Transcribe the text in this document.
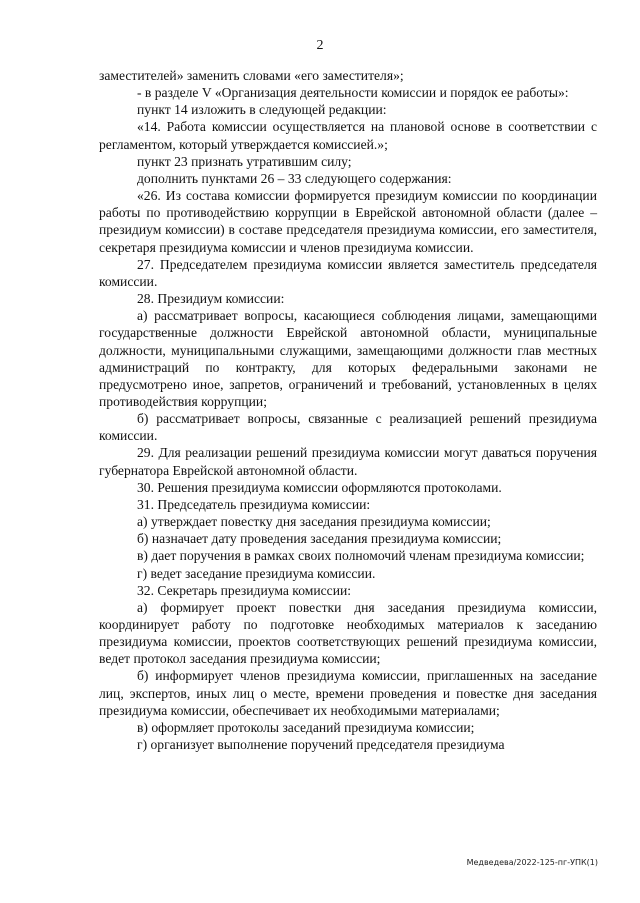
2

заместителей» заменить словами «его заместителя»;

- в разделе V «Организация деятельности комиссии и порядок ее работы»:

пункт 14 изложить в следующей редакции:

«14. Работа комиссии осуществляется на плановой основе в соответствии с регламентом, который утверждается комиссией.»;

пункт 23 признать утратившим силу;

дополнить пунктами 26 – 33 следующего содержания:

«26. Из состава комиссии формируется президиум комиссии по координации работы по противодействию коррупции в Еврейской автономной области (далее – президиум комиссии) в составе председателя президиума комиссии, его заместителя, секретаря президиума комиссии и членов президиума комиссии.

27. Председателем президиума комиссии является заместитель председателя комиссии.

28. Президиум комиссии:

а) рассматривает вопросы, касающиеся соблюдения лицами, замещающими государственные должности Еврейской автономной области, муниципальные должности, муниципальными служащими, замещающими должности глав местных администраций по контракту, для которых федеральными законами не предусмотрено иное, запретов, ограничений и требований, установленных в целях противодействия коррупции;

б) рассматривает вопросы, связанные с реализацией решений президиума комиссии.

29. Для реализации решений президиума комиссии могут даваться поручения губернатора Еврейской автономной области.

30. Решения президиума комиссии оформляются протоколами.

31. Председатель президиума комиссии:

а) утверждает повестку дня заседания президиума комиссии;

б) назначает дату проведения заседания президиума комиссии;

в) дает поручения в рамках своих полномочий членам президиума комиссии;

г) ведет заседание президиума комиссии.

32. Секретарь президиума комиссии:

а) формирует проект повестки дня заседания президиума комиссии, координирует работу по подготовке необходимых материалов к заседанию президиума комиссии, проектов соответствующих решений президиума комиссии, ведет протокол заседания президиума комиссии;

б) информирует членов президиума комиссии, приглашенных на заседание лиц, экспертов, иных лиц о месте, времени проведения и повестке дня заседания президиума комиссии, обеспечивает их необходимыми материалами;

в) оформляет протоколы заседаний президиума комиссии;

г) организует выполнение поручений председателя президиума

Медведева/2022-125-пг-УПК(1)
